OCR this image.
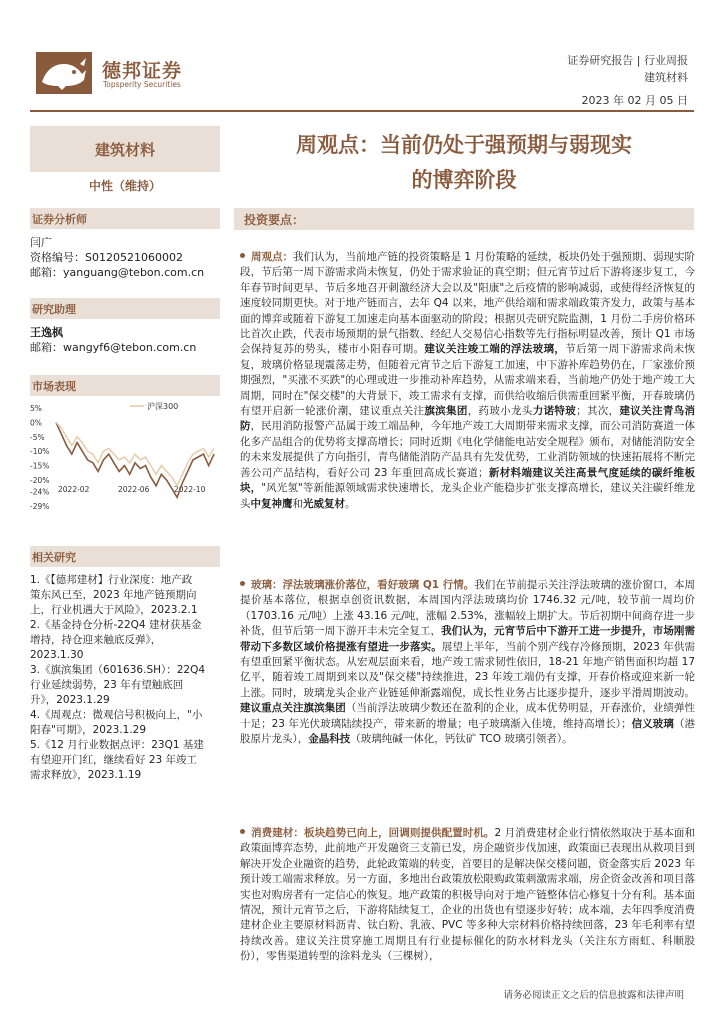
德邦证券
Topsperity Securities
证券研究报告 | 行业周报
建筑材料
2023 年 02 月 05 日
建筑材料
中性（维持）
证券分析师
闫广
资格编号：S0120521060002
邮箱：yanguang@tebon.com.cn
研究助理
王逸枫
邮箱：wangyf6@tebon.com.cn
市场表现
5%
0%
-5%
-10%
-15%
-20%
-24%
-29%
2022-02	2022-06	2022-10
沪深300
相关研究
1.《【德邦建材】行业深度：地产政
策东风已至，2023 年地产链预期向
上，行业机遇大于风险》，2023.2.1
2.《基金持仓分析-22Q4 建材获基金
增持，持仓迎来触底反弹》，
2023.1.30
3.《旗滨集团（601636.SH）：22Q4
行业延续弱势，23 年有望触底回
升》，2023.1.29
4.《周观点：微观信号积极向上，"小
阳春"可期》，2023.1.29
5.《12 月行业数据点评：23Q1 基建
有望迎开门红，继续看好 23 年竣工
需求释放》，2023.1.19
周观点：当前仍处于强预期与弱现实
的博弈阶段
投资要点：
周观点：我们认为，当前地产链的投资策略是 1 月份策略的延续，板块仍处于强预期、弱现实阶段，节后第一周下游需求尚未恢复，仍处于需求验证的真空期；但元宵节过后下游将逐步复工，今年春节时间更早、节后多地召开刺激经济大会以及"阳康"之后疫情的影响减弱，或使得经济恢复的速度较同期更快。对于地产链而言，去年 Q4 以来，地产供给端和需求端政策齐发力，政策与基本面的博弈或随着下游复工加速走向基本面驱动的阶段；根据贝壳研究院监测，1 月份二手房价格环比首次止跌，代表市场预期的景气指数、经纪人交易信心指数等先行指标明显改善，预计 Q1 市场会保持复苏的势头，楼市小阳春可期。建议关注竣工端的浮法玻璃，节后第一周下游需求尚未恢复，玻璃价格显现震荡走势，但随着元宵节之后下游复工加速，中下游补库趋势仍在，厂家涨价预期强烈，"买涨不买跌"的心理或进一步推动补库趋势，从需求端来看，当前地产仍处于地产竣工大周期，同时在"保交楼"的大背景下，竣工需求有支撑，而供给收缩后供需重回紧平衡，开春玻璃仍有望开启新一轮涨价潮，建议重点关注旗滨集团，药玻小龙头力诺特玻；其次，建议关注青鸟消防，民用消防报警产品属于竣工端品种，今年地产竣工大周期带来需求支撑，而公司消防赛道一体化多产品组合的优势将支撑高增长；同时近期《电化学储能电站安全规程》颁布，对储能消防安全的未来发展提供了方向指引，青鸟储能消防产品具有先发优势，工业消防领域的快速拓展将不断完善公司产品结构，看好公司 23 年重回高成长赛道；新材料端建议关注高景气度延续的碳纤维板块，"风光氢"等新能源领域需求快速增长，龙头企业产能稳步扩张支撑高增长，建议关注碳纤维龙头中复神鹰和光威复材。
玻璃：浮法玻璃涨价落位，看好玻璃 Q1 行情。我们在节前提示关注浮法玻璃的涨价窗口，本周提价基本落位，根据卓创资讯数据，本周国内浮法玻璃均价 1746.32 元/吨，较节前一周均价（1703.16 元/吨）上涨 43.16 元/吨，涨幅 2.53%，涨幅较上期扩大。节后初期中间商存进一步补货，但节后第一周下游开丰未完全复工，我们认为，元宵节后中下游开工进一步提升，市场刚需带动下多数区域价格提涨有望进一步落实。展望上半年，当前个别产线存冷修预期，2023 年供需有望重回紧平衡状态。从宏观层面来看，地产竣工需求韧性依旧，18-21 年地产销售面积均超 17 亿平，随着竣工周期到来以及"保交楼"持续推进，23 年竣工端仍有支撑，开春价格或迎来新一轮上涨。同时，玻璃龙头企业产业链延伸渐露端倪，成长性业务占比逐步提升，逐步平滑周期波动。建议重点关注旗滨集团（当前浮法玻璃少数还在盈利的企业，成本优势明显，开春涨价，业绩弹性十足；23 年光伏玻璃陆续投产，带来新的增量；电子玻璃渐入佳境，维持高增长）；信义玻璃（港股原片龙头），金晶科技（玻璃纯碱一体化，钙钛矿 TCO 玻璃引领者）。
消费建材：板块趋势已向上，回调则提供配置时机。2 月消费建材企业行情依然取决于基本面和政策面博弈态势，此前地产开发融资三支箭已发，房企融资步伐加速，政策面已表现出从救项目到解决开发企业融资的趋势，此轮政策端的转变，首要目的是解决保交楼问题，资金落实后 2023 年预计竣工端需求释放。另一方面，多地出台政策放松限购政策刺激需求端，房企资金改善和项目落实也对购房者有一定信心的恢复。地产政策的积极导向对于地产链整体信心修复十分有利。基本面情况，预计元宵节之后，下游将陆续复工，企业的出货也有望逐步好转；成本端，去年四季度消费建材企业主要原材料沥青、钛白粉、乳液、PVC 等多种大宗材料价格持续回落，23 年毛利率有望持续改善。建议关注贯穿施工周期且有行业提标催化的防水材料龙头（关注东方雨虹、科顺股份），零售渠道转型的涂料龙头（三棵树），
请务必阅读正文之后的信息披露和法律声明
